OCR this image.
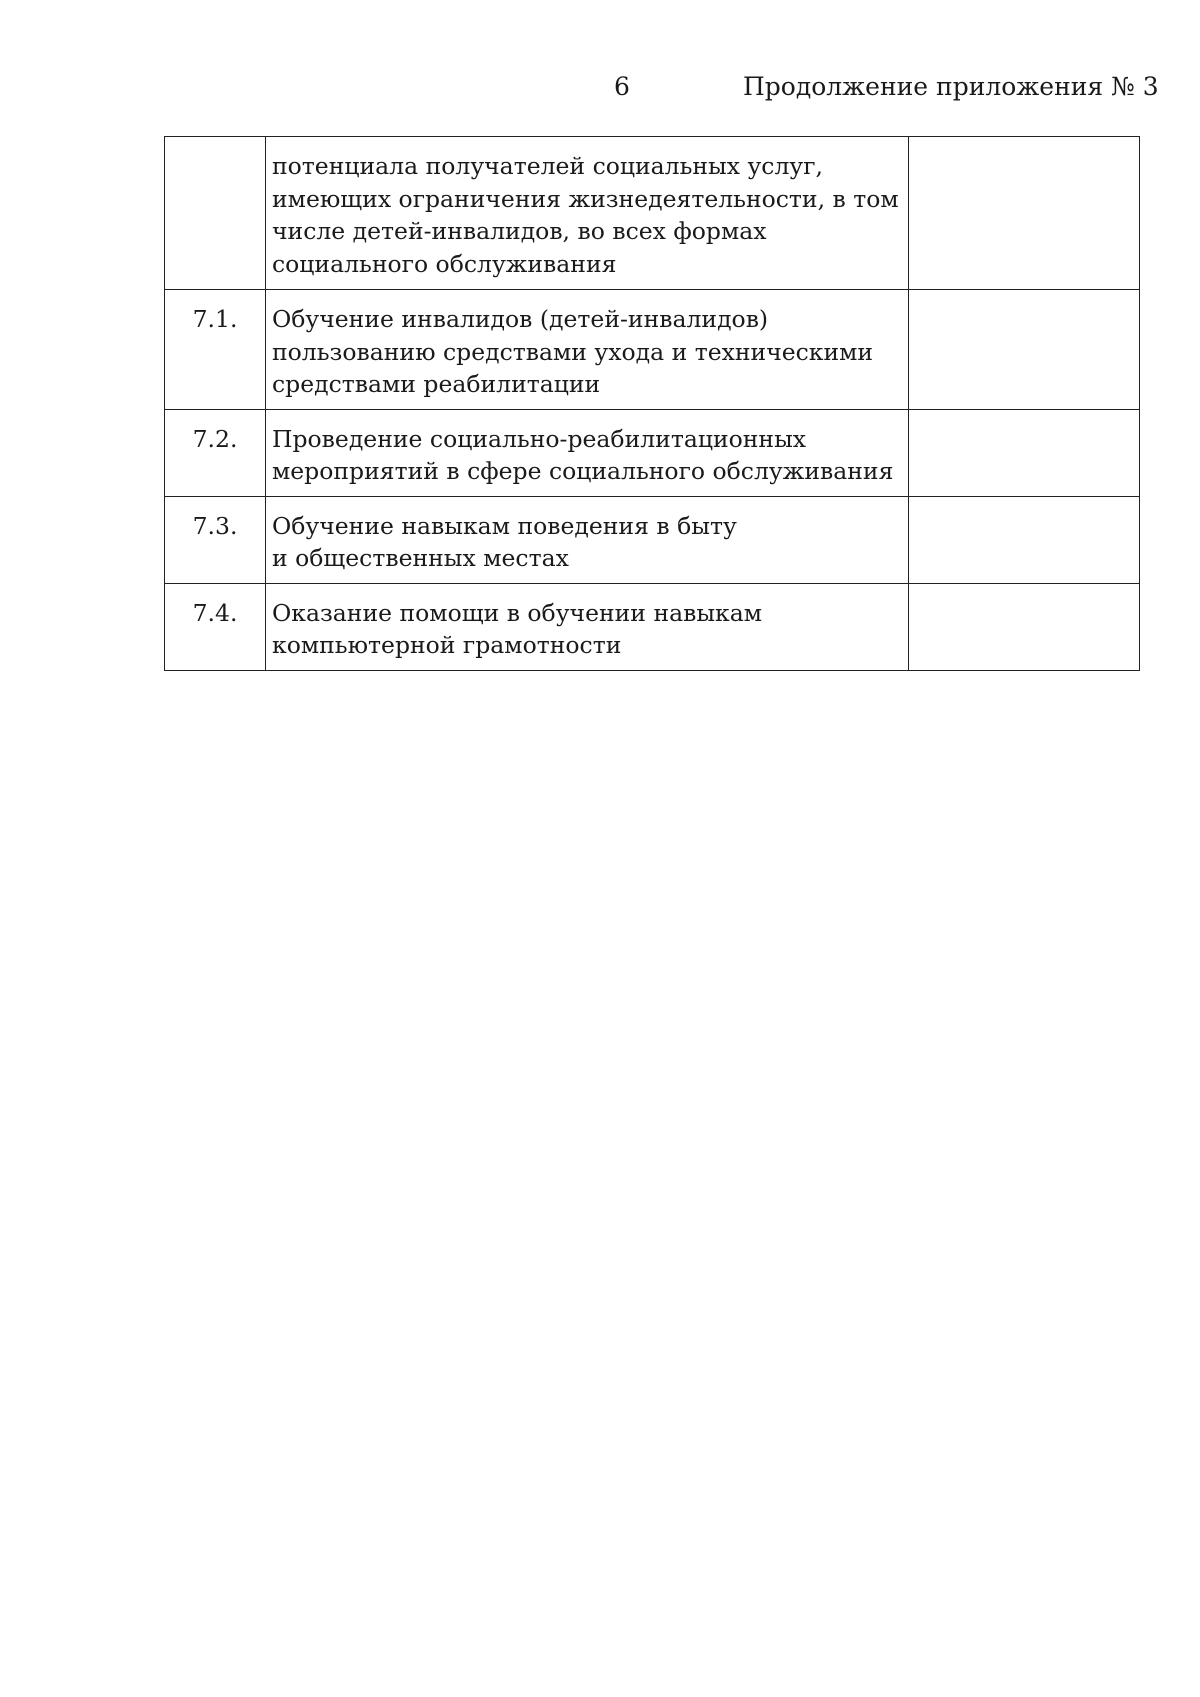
6	Продолжение приложения № 3
	потенциала получателей социальных услуг,
имеющих ограничения жизнедеятельности, в том
числе детей-инвалидов, во всех формах
социального обслуживания	
7.1.	Обучение инвалидов (детей-инвалидов)
пользованию средствами ухода и техническими
средствами реабилитации	
7.2.	Проведение социально-реабилитационных
мероприятий в сфере социального обслуживания	
7.3.	Обучение навыкам поведения в быту
и общественных местах	
7.4.	Оказание помощи в обучении навыкам
компьютерной грамотности	
